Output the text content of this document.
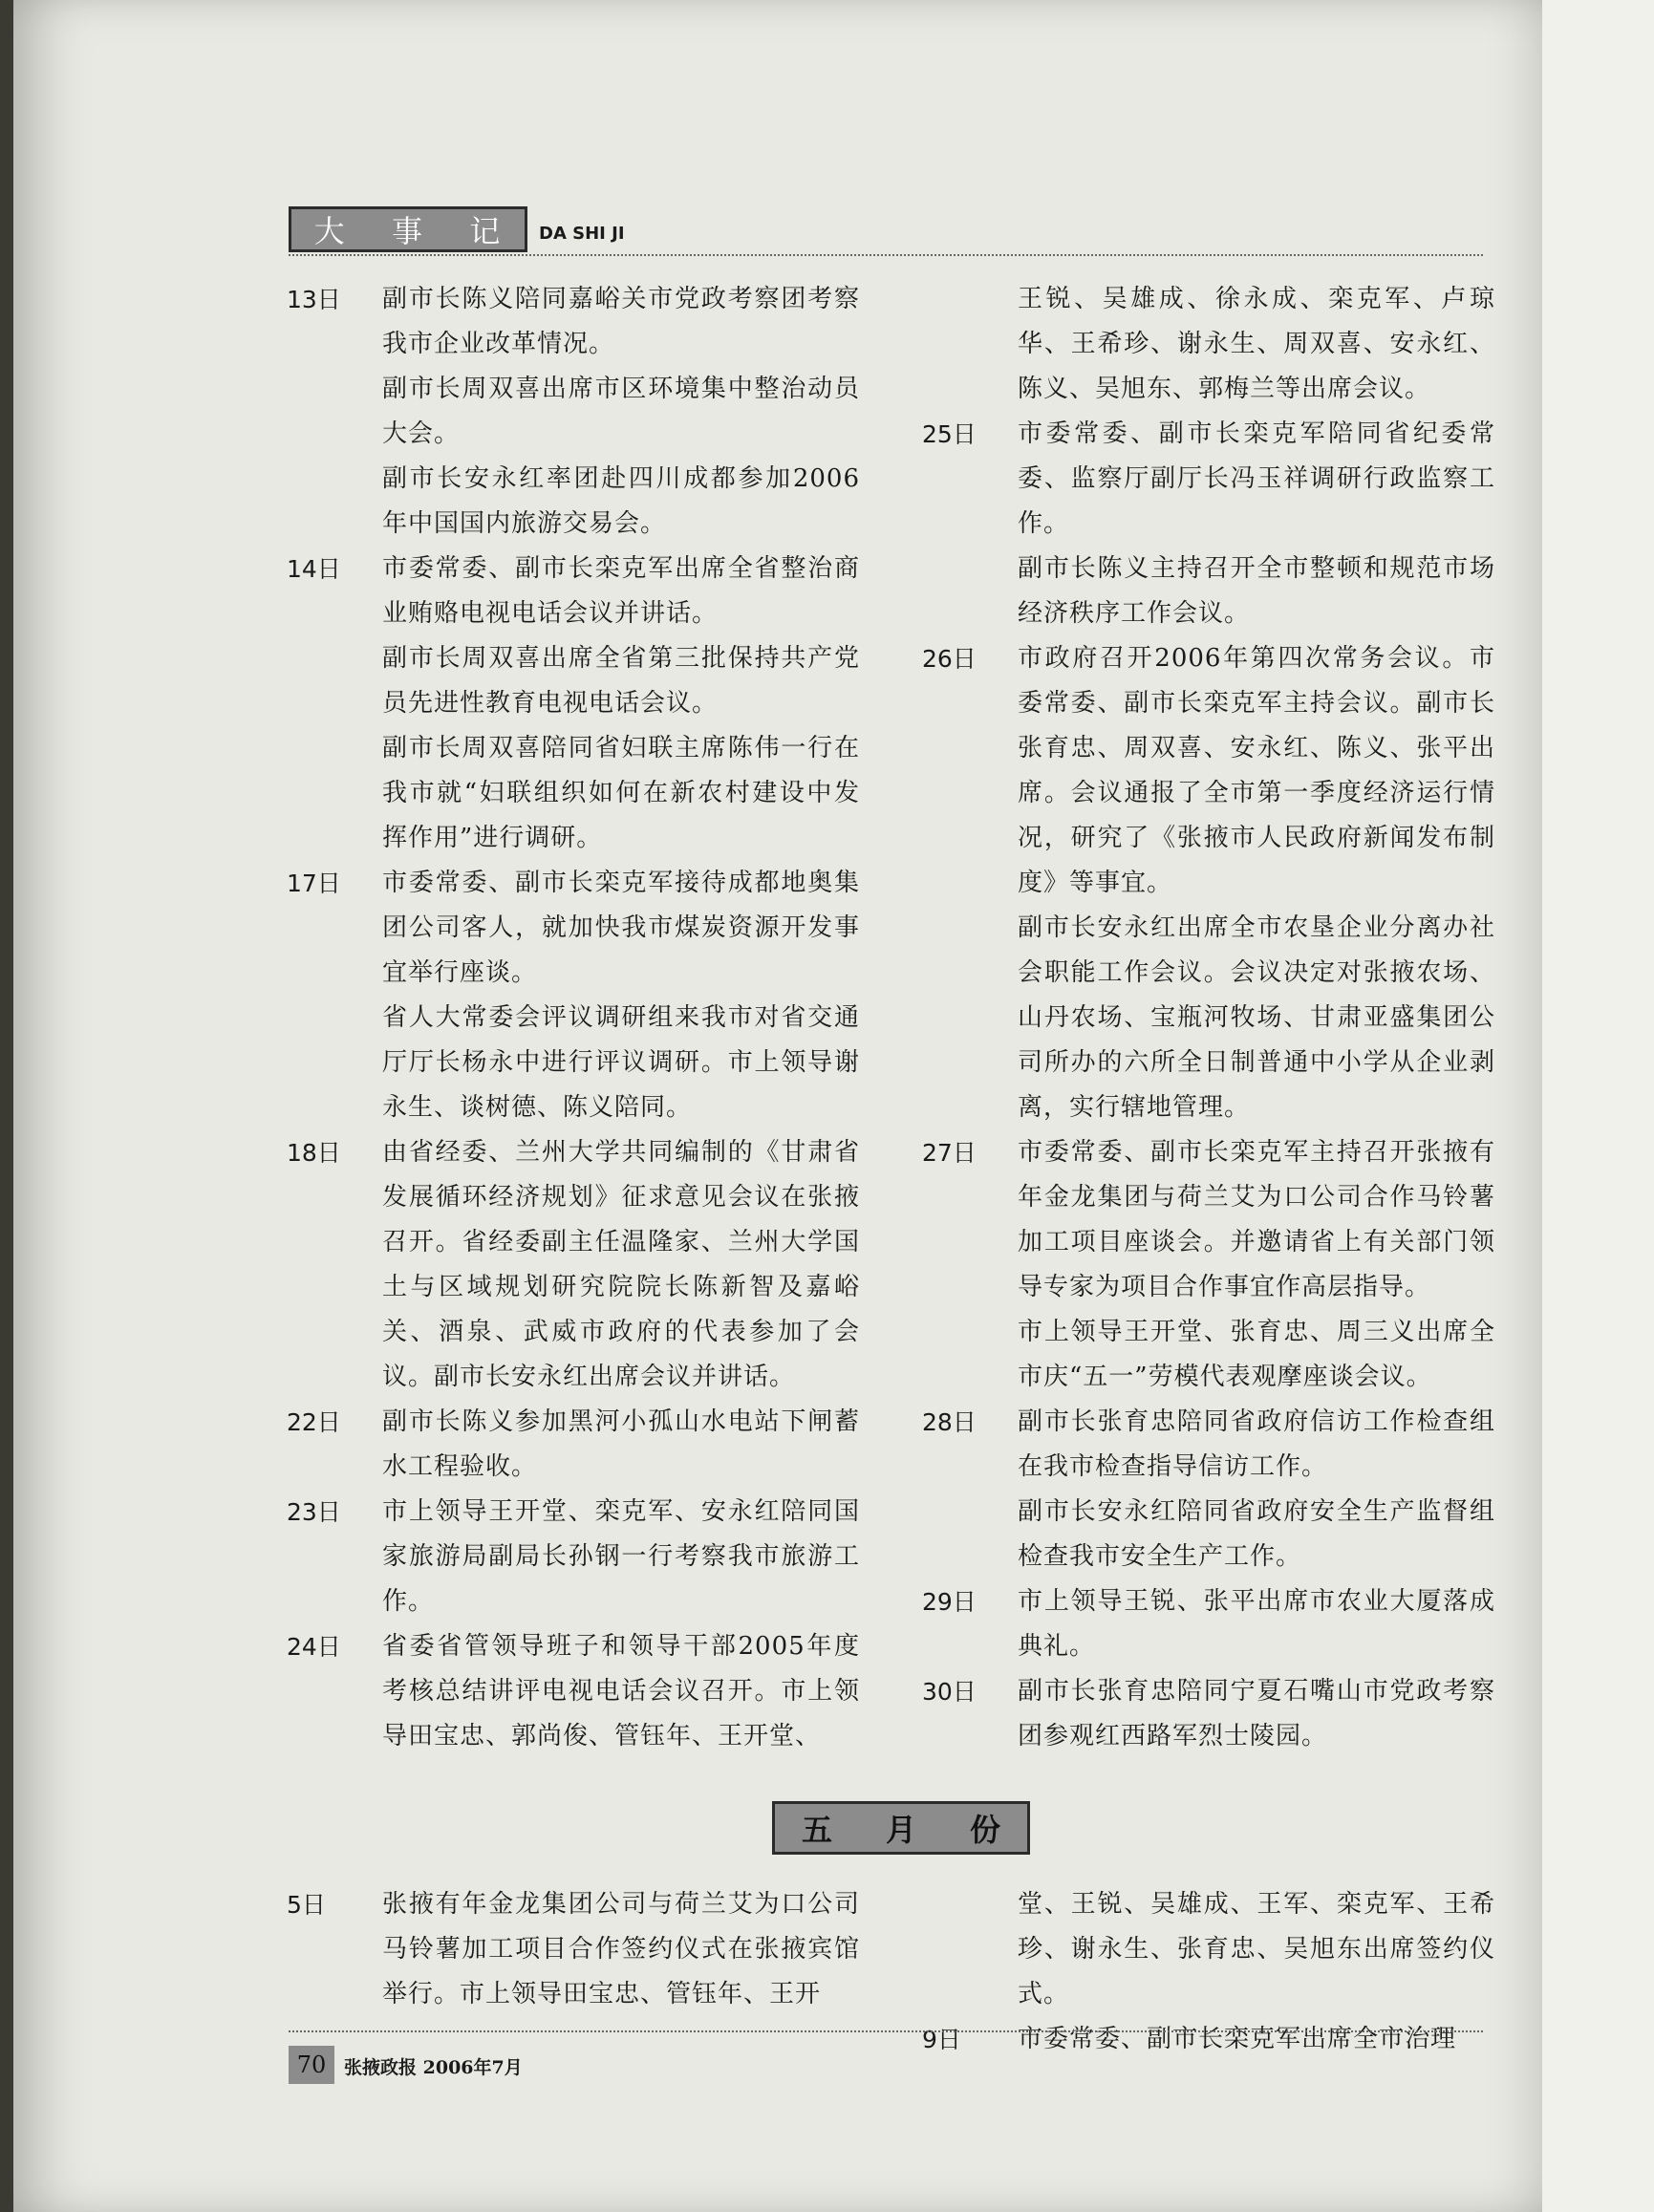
大 事 记 DA SHI JI
13日 副市长陈义陪同嘉峪关市党政考察团考察我市企业改革情况。

副市长周双喜出席市区环境集中整治动员大会。

副市长安永红率团赴四川成都参加2006年中国国内旅游交易会。

14日 市委常委、副市长栾克军出席全省整治商业贿赂电视电话会议并讲话。

副市长周双喜出席全省第三批保持共产党员先进性教育电视电话会议。

副市长周双喜陪同省妇联主席陈伟一行在我市就“妇联组织如何在新农村建设中发挥作用”进行调研。

17日 市委常委、副市长栾克军接待成都地奥集团公司客人，就加快我市煤炭资源开发事宜举行座谈。

省人大常委会评议调研组来我市对省交通厅厅长杨永中进行评议调研。市上领导谢永生、谈树德、陈义陪同。

18日 由省经委、兰州大学共同编制的《甘肃省发展循环经济规划》征求意见会议在张掖召开。省经委副主任温隆家、兰州大学国土与区域规划研究院院长陈新智及嘉峪关、酒泉、武威市政府的代表参加了会议。副市长安永红出席会议并讲话。

22日 副市长陈义参加黑河小孤山水电站下闸蓄水工程验收。

23日 市上领导王开堂、栾克军、安永红陪同国家旅游局副局长孙钢一行考察我市旅游工作。

24日 省委省管领导班子和领导干部2005年度考核总结讲评电视电话会议召开。市上领导田宝忠、郭尚俊、管钰年、王开堂、

王锐、吴雄成、徐永成、栾克军、卢琼华、王希珍、谢永生、周双喜、安永红、陈义、吴旭东、郭梅兰等出席会议。

25日 市委常委、副市长栾克军陪同省纪委常委、监察厅副厅长冯玉祥调研行政监察工作。

副市长陈义主持召开全市整顿和规范市场经济秩序工作会议。

26日 市政府召开2006年第四次常务会议。市委常委、副市长栾克军主持会议。副市长张育忠、周双喜、安永红、陈义、张平出席。会议通报了全市第一季度经济运行情况，研究了《张掖市人民政府新闻发布制度》等事宜。

副市长安永红出席全市农垦企业分离办社会职能工作会议。会议决定对张掖农场、山丹农场、宝瓶河牧场、甘肃亚盛集团公司所办的六所全日制普通中小学从企业剥离，实行辖地管理。

27日 市委常委、副市长栾克军主持召开张掖有年金龙集团与荷兰艾为口公司合作马铃薯加工项目座谈会。并邀请省上有关部门领导专家为项目合作事宜作高层指导。

市上领导王开堂、张育忠、周三义出席全市庆“五一”劳模代表观摩座谈会议。

28日 副市长张育忠陪同省政府信访工作检查组在我市检查指导信访工作。

副市长安永红陪同省政府安全生产监督组检查我市安全生产工作。

29日 市上领导王锐、张平出席市农业大厦落成典礼。

30日 副市长张育忠陪同宁夏石嘴山市党政考察团参观红西路军烈士陵园。

五 月 份
5日 张掖有年金龙集团公司与荷兰艾为口公司马铃薯加工项目合作签约仪式在张掖宾馆举行。市上领导田宝忠、管钰年、王开

堂、王锐、吴雄成、王军、栾克军、王希珍、谢永生、张育忠、吴旭东出席签约仪式。

9日 市委常委、副市长栾克军出席全市治理

70 张掖政报 2006年7月
